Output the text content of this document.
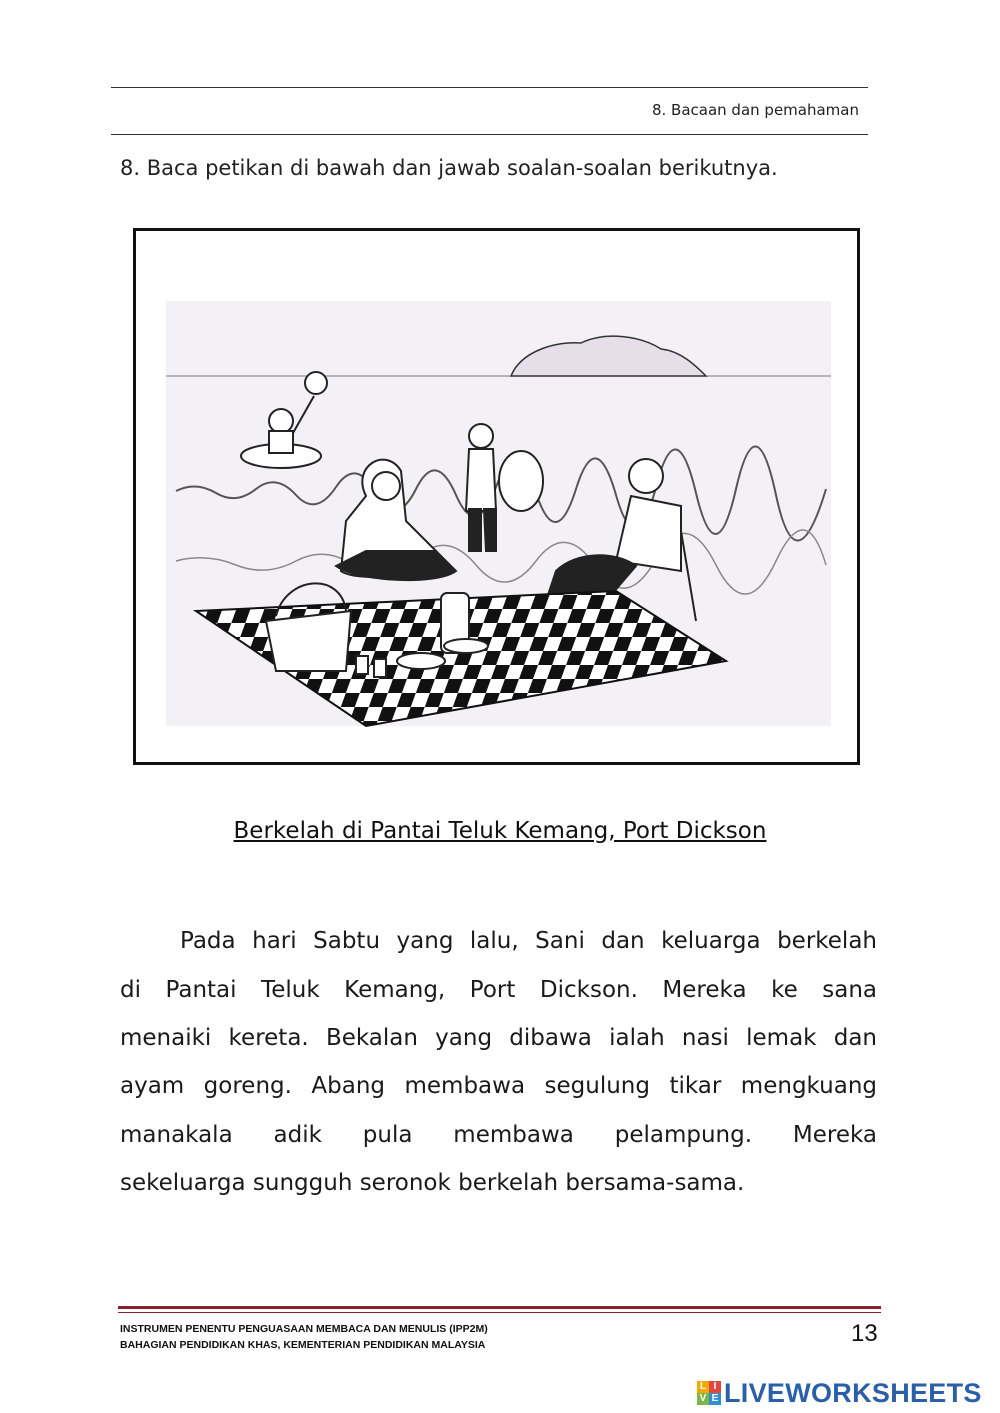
8. Bacaan dan pemahaman
8. Baca petikan di bawah dan jawab soalan-soalan berikutnya.
Berkelah di Pantai Teluk Kemang, Port Dickson
Pada hari Sabtu yang lalu, Sani dan keluarga berkelah
di Pantai Teluk Kemang, Port Dickson. Mereka ke sana
menaiki kereta. Bekalan yang dibawa ialah nasi lemak dan
ayam goreng. Abang membawa segulung tikar mengkuang
manakala adik pula membawa pelampung. Mereka
sekeluarga sungguh seronok berkelah bersama-sama.
INSTRUMEN PENENTU PENGUASAAN MEMBACA DAN MENULIS (IPP2M)
BAHAGIAN PENDIDIKAN KHAS, KEMENTERIAN PENDIDIKAN MALAYSIA	13
L I
V E LIVEWORKSHEETS
